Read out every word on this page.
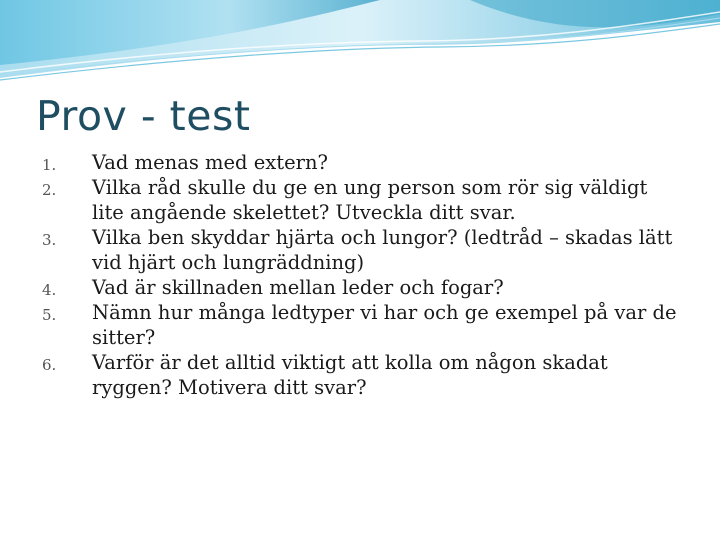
Prov - test
1. Vad menas med extern?
2. Vilka råd skulle du ge en ung person som rör sig väldigt lite angående skelettet? Utveckla ditt svar.
3. Vilka ben skyddar hjärta och lungor? (ledtråd – skadas lätt vid hjärt och lungräddning)
4. Vad är skillnaden mellan leder och fogar?
5. Nämn hur många ledtyper vi har och ge exempel på var de sitter?
6. Varför är det alltid viktigt att kolla om någon skadat ryggen? Motivera ditt svar?
